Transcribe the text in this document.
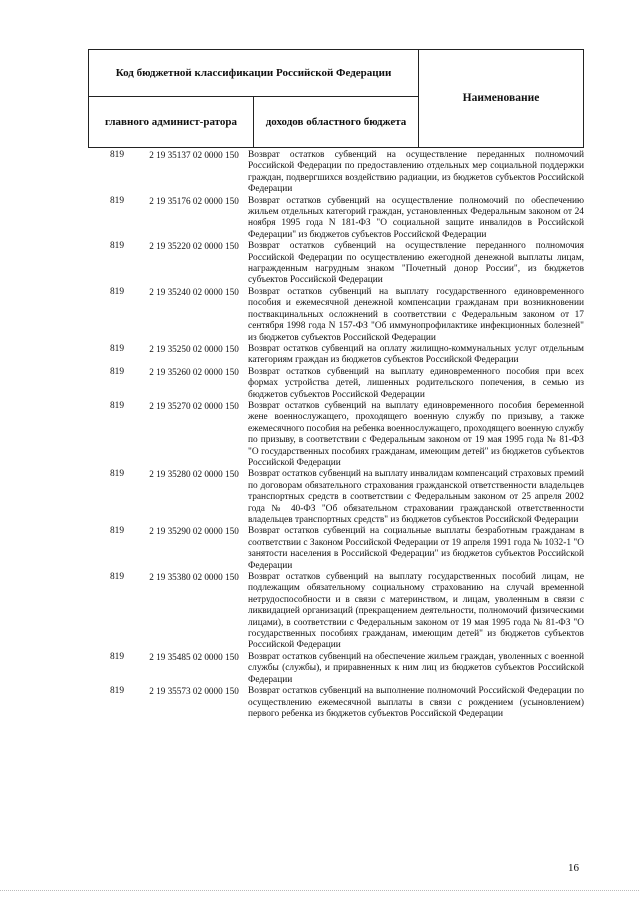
Код бюджетной классификации Российской Федерации		Наименование
главного админист-ратора	доходов областного бюджета	
819	2 19 35137 02 0000 150 Возврат остатков субвенций на осуществление переданных полномочий Российской Федерации по предоставлению отдельных мер социальной поддержки граждан, подвергшихся воздействию радиации, из бюджетов субъектов Российской Федерации
819	2 19 35176 02 0000 150 Возврат остатков субвенций на осуществление полномочий по обеспечению жильем отдельных категорий граждан, установленных Федеральным законом от 24 ноября 1995 года N 181-ФЗ "О социальной защите инвалидов в Российской Федерации" из бюджетов субъектов Российской Федерации
819	2 19 35220 02 0000 150 Возврат остатков субвенций на осуществление переданного полномочия Российской Федерации по осуществлению ежегодной денежной выплаты лицам, награжденным нагрудным знаком "Почетный донор России", из бюджетов субъектов Российской Федерации
819	2 19 35240 02 0000 150 Возврат остатков субвенций на выплату государственного единовременного пособия и ежемесячной денежной компенсации гражданам при возникновении поствакцинальных осложнений в соответствии с Федеральным законом от 17 сентября 1998 года N 157-ФЗ "Об иммунопрофилактике инфекционных болезней" из бюджетов субъектов Российской Федерации
819	2 19 35250 02 0000 150 Возврат остатков субвенций на оплату жилищно-коммунальных услуг отдельным категориям граждан из бюджетов субъектов Российской Федерации
819	2 19 35260 02 0000 150 Возврат остатков субвенций на выплату единовременного пособия при всех формах устройства детей, лишенных родительского попечения, в семью из бюджетов субъектов Российской Федерации
819	2 19 35270 02 0000 150 Возврат остатков субвенций на выплату единовременного пособия беременной жене военнослужащего, проходящего военную службу по призыву, а также ежемесячного пособия на ребенка военнослужащего, проходящего военную службу по призыву, в соответствии с Федеральным законом от 19 мая 1995 года № 81-ФЗ "О государственных пособиях гражданам, имеющим детей" из бюджетов субъектов Российской Федерации
819	2 19 35280 02 0000 150 Возврат остатков субвенций на выплату инвалидам компенсаций страховых премий по договорам обязательного страхования гражданской ответственности владельцев транспортных средств в соответствии с Федеральным законом от 25 апреля 2002 года № 40-ФЗ "Об обязательном страховании гражданской ответственности владельцев транспортных средств" из бюджетов субъектов Российской Федерации
819	2 19 35290 02 0000 150 Возврат остатков субвенций на социальные выплаты безработным гражданам в соответствии с Законом Российской Федерации от 19 апреля 1991 года № 1032-1 "О занятости населения в Российской Федерации" из бюджетов субъектов Российской Федерации
819	2 19 35380 02 0000 150 Возврат остатков субвенций на выплату государственных пособий лицам, не подлежащим обязательному социальному страхованию на случай временной нетрудоспособности и в связи с материнством, и лицам, уволенным в связи с ликвидацией организаций (прекращением деятельности, полномочий физическими лицами), в соответствии с Федеральным законом от 19 мая 1995 года № 81-ФЗ "О государственных пособиях гражданам, имеющим детей" из бюджетов субъектов Российской Федерации
819	2 19 35485 02 0000 150 Возврат остатков субвенций на обеспечение жильем граждан, уволенных с военной службы (службы), и приравненных к ним лиц из бюджетов субъектов Российской Федерации
819	2 19 35573 02 0000 150 Возврат остатков субвенций на выполнение полномочий Российской Федерации по осуществлению ежемесячной выплаты в связи с рождением (усыновлением) первого ребенка из бюджетов субъектов Российской Федерации
16
